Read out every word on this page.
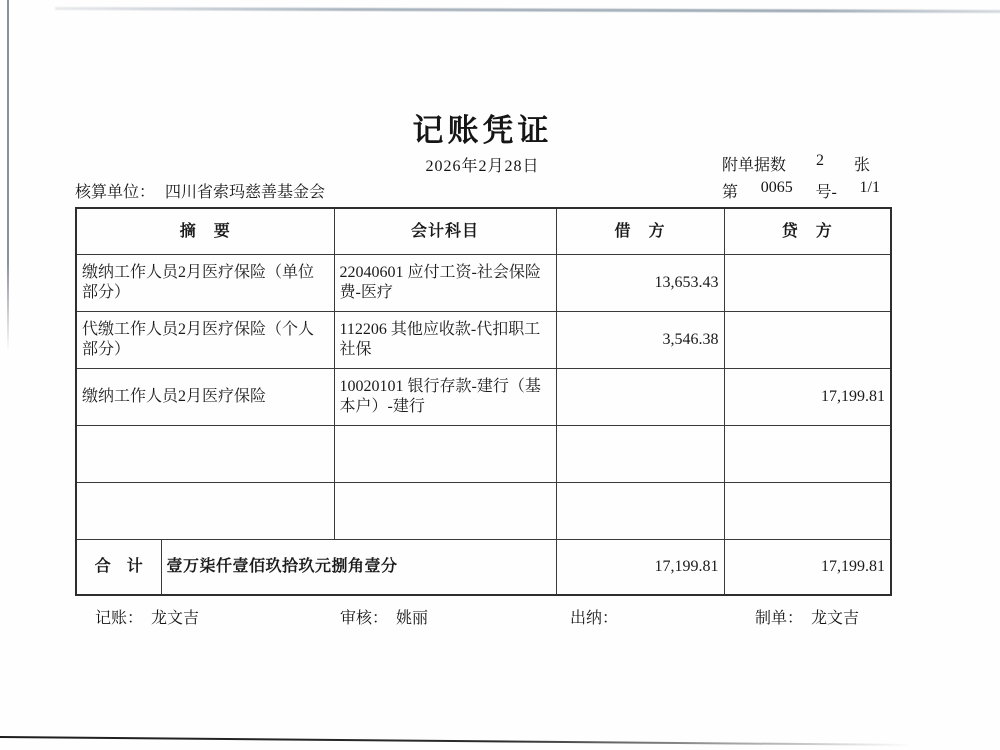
记账凭证
2026年2月28日	附单据数 2 张
第 0065 号- 1/1
核算单位： 四川省索玛慈善基金会
摘　要		会计科目	借　方	贷　方
缴纳工作人员2月医疗保险（单位部分）		22040601 应付工资-社会保险费-医疗	13,653.43	
代缴工作人员2月医疗保险（个人部分）		112206 其他应收款-代扣职工社保	3,546.38	
缴纳工作人员2月医疗保险		10020101 银行存款-建行（基本户）-建行		17,199.81

合　计	壹万柒仟壹佰玖拾玖元捌角壹分		17,199.81	17,199.81
记账： 龙文吉	审核： 姚丽	出纳：	制单： 龙文吉
